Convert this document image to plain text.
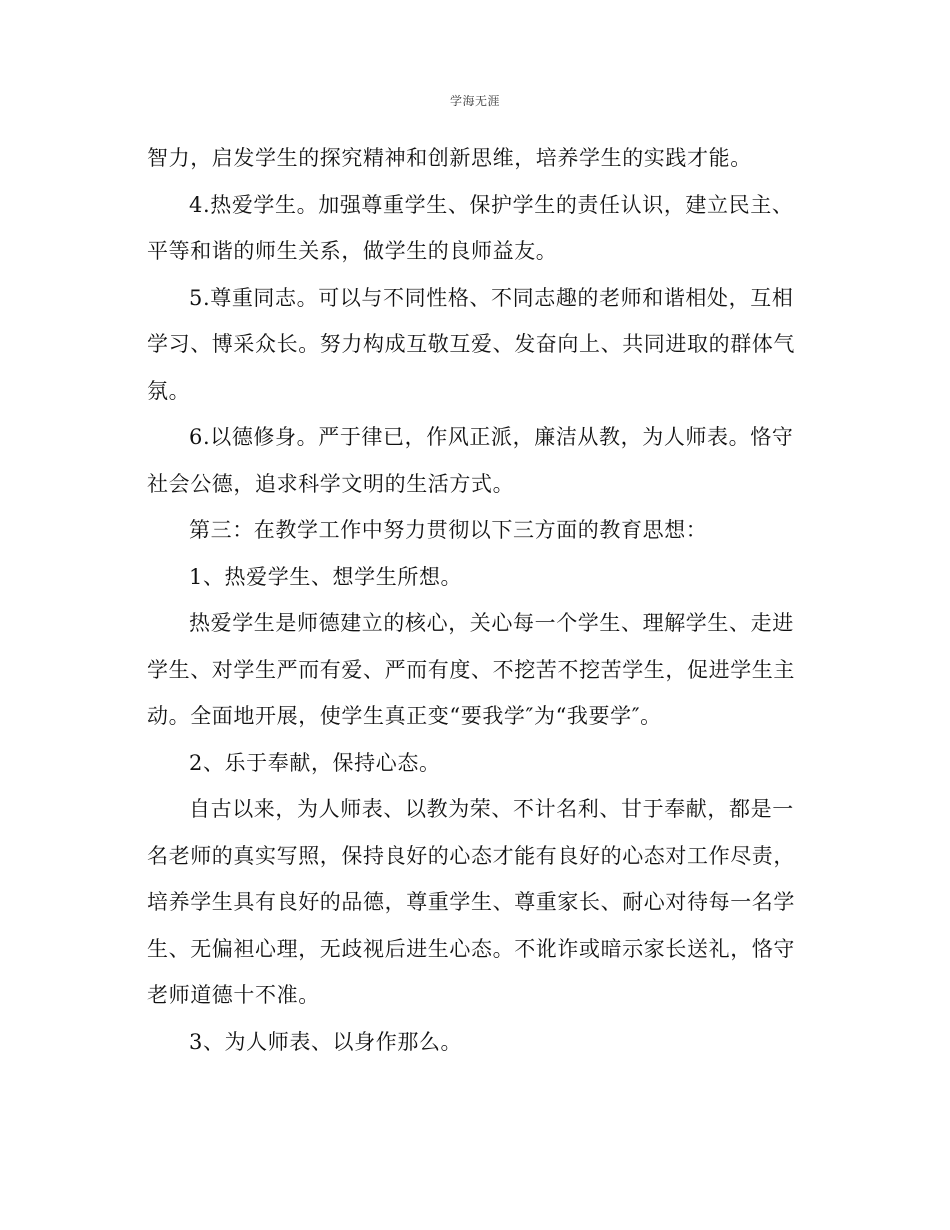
学海无涯

智力，启发学生的探究精神和创新思维，培养学生的实践才能。

4.热爱学生。加强尊重学生、保护学生的责任认识，建立民主、平等和谐的师生关系，做学生的良师益友。

5.尊重同志。可以与不同性格、不同志趣的老师和谐相处，互相学习、博采众长。努力构成互敬互爱、发奋向上、共同进取的群体气氛。

6.以德修身。严于律已，作风正派，廉洁从教，为人师表。恪守社会公德，追求科学文明的生活方式。

第三：在教学工作中努力贯彻以下三方面的教育思想：

1、热爱学生、想学生所想。

热爱学生是师德建立的核心，关心每一个学生、理解学生、走进学生、对学生严而有爱、严而有度、不挖苦不挖苦学生，促进学生主动。全面地开展，使学生真正变“要我学″为“我要学″。

2、乐于奉献，保持心态。

自古以来，为人师表、以教为荣、不计名利、甘于奉献，都是一名老师的真实写照，保持良好的心态才能有良好的心态对工作尽责，培养学生具有良好的品德，尊重学生、尊重家长、耐心对待每一名学生、无偏袒心理，无歧视后进生心态。不讹诈或暗示家长送礼，恪守老师道德十不准。

3、为人师表、以身作那么。
